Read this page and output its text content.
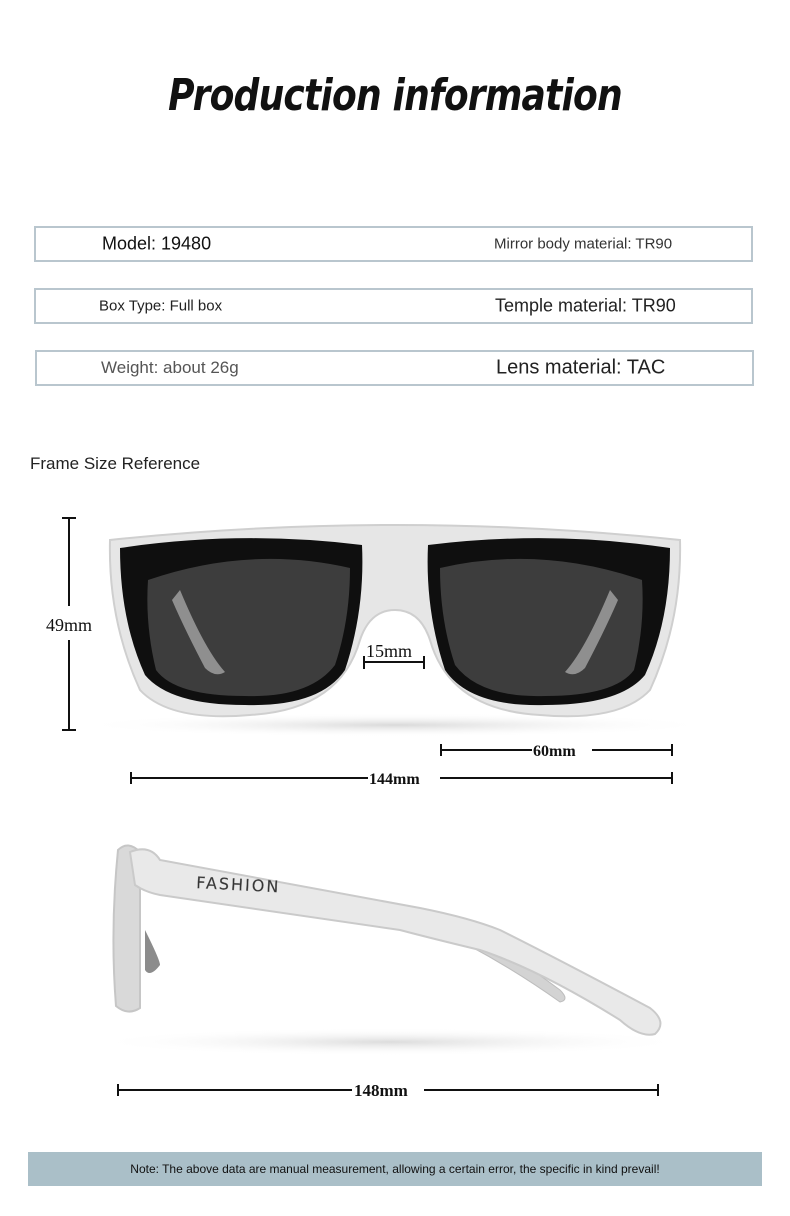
Production information
Model: 19480	Mirror body material: TR90
Box Type: Full box	Temple material: TR90
Weight: about 26g	Lens material: TAC
Frame Size Reference
49mm
15mm
60mm
144mm
FASHION
148mm
Note: The above data are manual measurement, allowing a certain error, the specific in kind prevail!
